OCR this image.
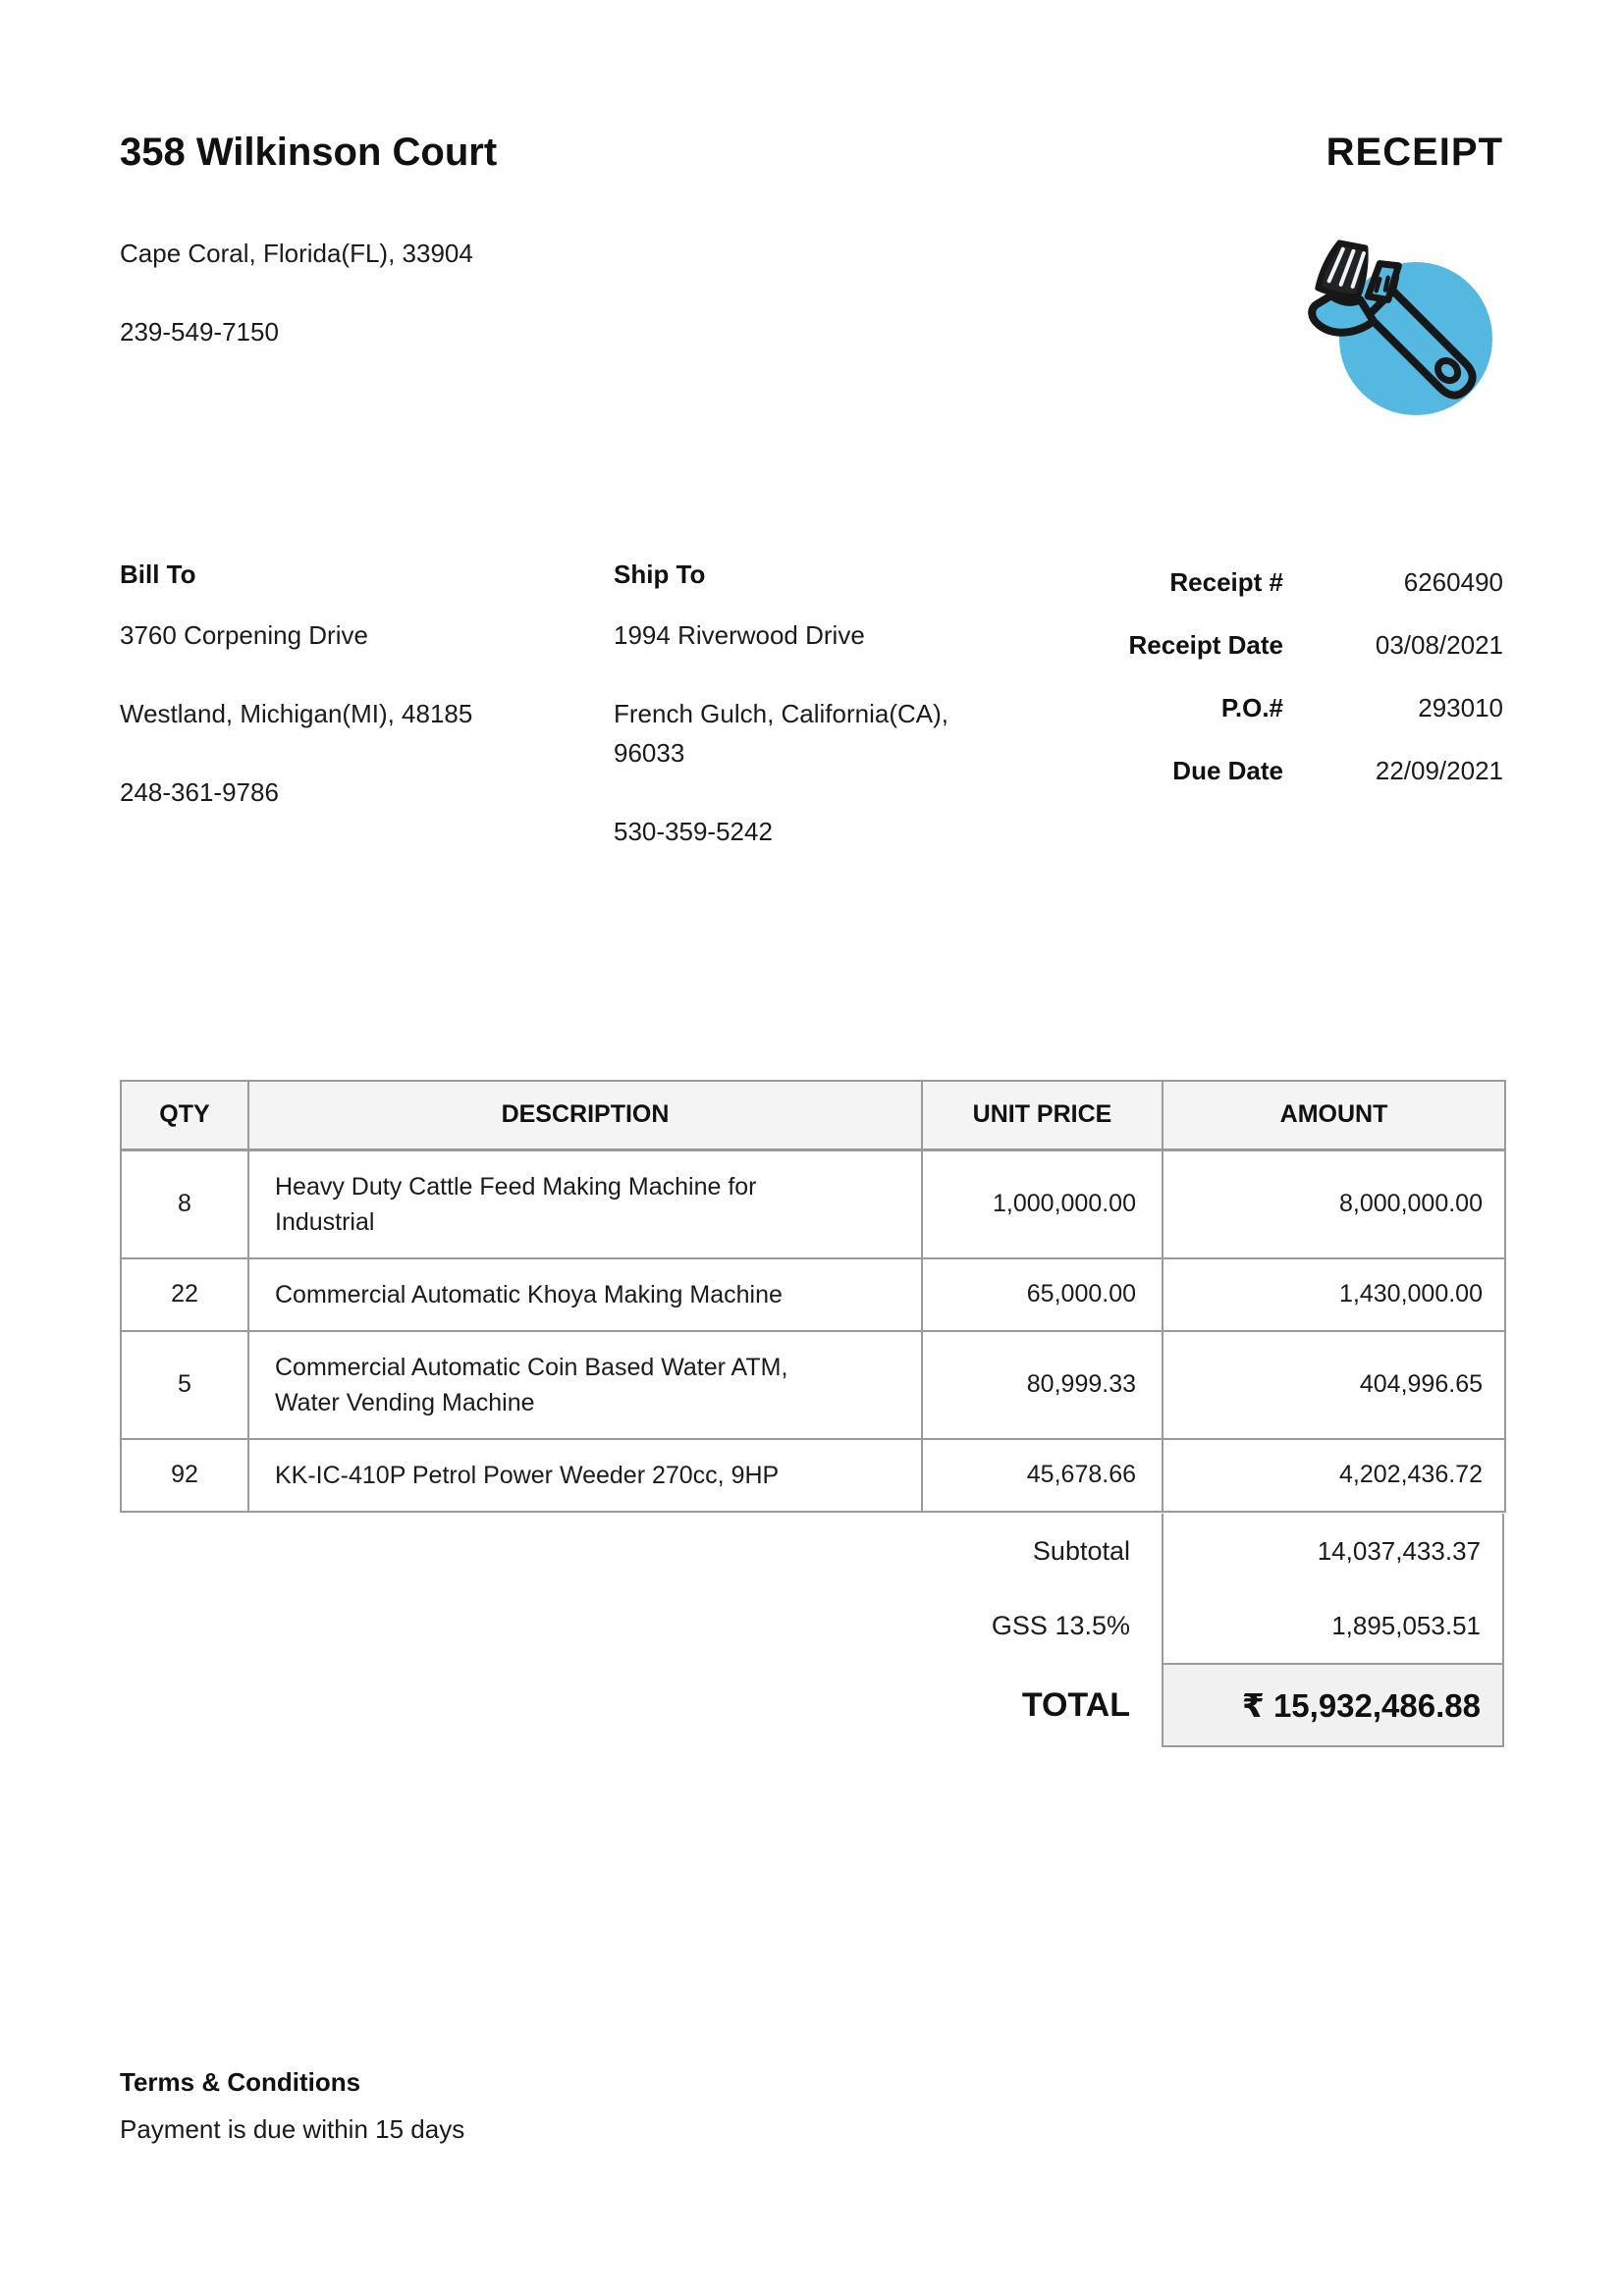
358 Wilkinson Court	RECEIPT
Cape Coral, Florida(FL), 33904
239-549-7150
Bill To
3760 Corpening Drive
Westland, Michigan(MI), 48185
248-361-9786
Ship To
1994 Riverwood Drive
French Gulch, California(CA), 96033
530-359-5242
Receipt #	6260490
Receipt Date	03/08/2021
P.O.#	293010
Due Date	22/09/2021
QTY	DESCRIPTION	UNIT PRICE	AMOUNT
8	Heavy Duty Cattle Feed Making Machine for Industrial	1,000,000.00	8,000,000.00
22	Commercial Automatic Khoya Making Machine	65,000.00	1,430,000.00
5	Commercial Automatic Coin Based Water ATM, Water Vending Machine	80,999.33	404,996.65
92	KK-IC-410P Petrol Power Weeder 270cc, 9HP	45,678.66	4,202,436.72
Subtotal	14,037,433.37
GSS 13.5%	1,895,053.51
TOTAL	₹ 15,932,486.88
Terms & Conditions
Payment is due within 15 days
